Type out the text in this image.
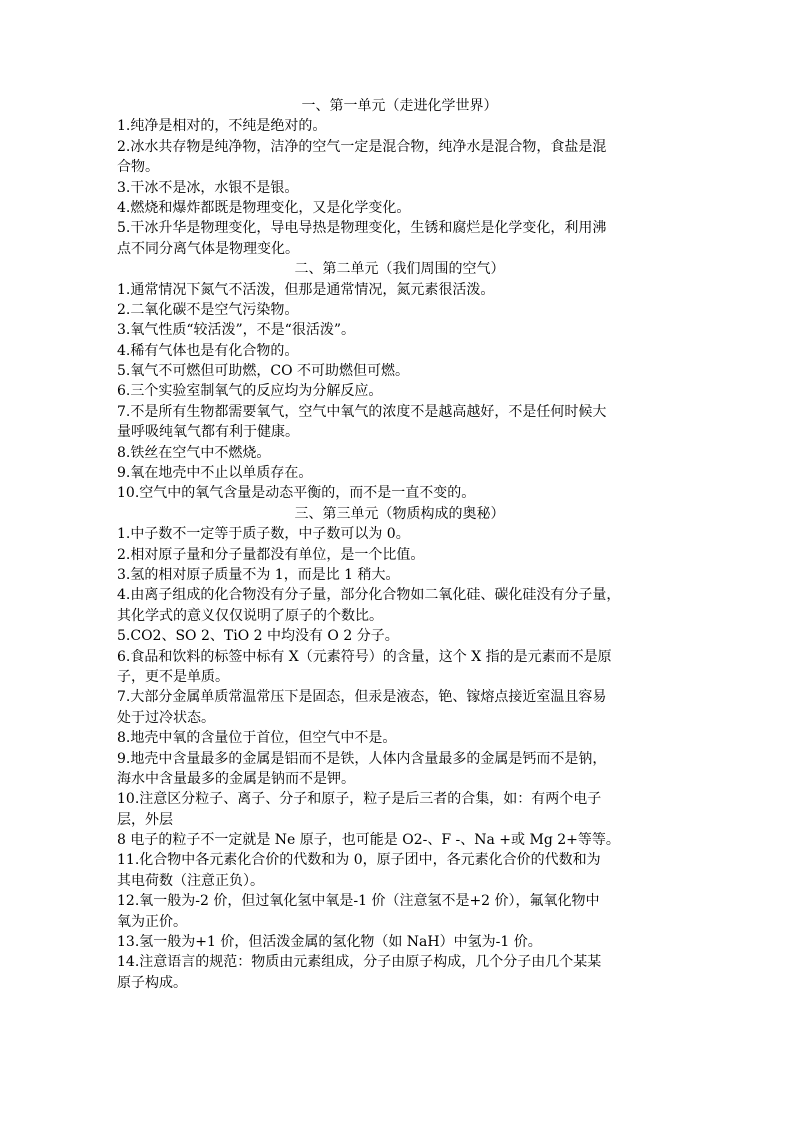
一、第一单元（走进化学世界）
1.纯净是相对的，不纯是绝对的。
2.冰水共存物是纯净物，洁净的空气一定是混合物，纯净水是混合物，食盐是混
合物。
3.干冰不是冰，水银不是银。
4.燃烧和爆炸都既是物理变化，又是化学变化。
5.干冰升华是物理变化，导电导热是物理变化，生锈和腐烂是化学变化，利用沸
点不同分离气体是物理变化。
二、第二单元（我们周围的空气）
1.通常情况下氮气不活泼，但那是通常情况，氮元素很活泼。
2.二氧化碳不是空气污染物。
3.氧气性质“较活泼”，不是“很活泼”。
4.稀有气体也是有化合物的。
5.氧气不可燃但可助燃，CO 不可助燃但可燃。
6.三个实验室制氧气的反应均为分解反应。
7.不是所有生物都需要氧气，空气中氧气的浓度不是越高越好，不是任何时候大
量呼吸纯氧气都有利于健康。
8.铁丝在空气中不燃烧。
9.氧在地壳中不止以单质存在。
10.空气中的氧气含量是动态平衡的，而不是一直不变的。
三、第三单元（物质构成的奥秘）
1.中子数不一定等于质子数，中子数可以为 0。
2.相对原子量和分子量都没有单位，是一个比值。
3.氢的相对原子质量不为 1，而是比 1 稍大。
4.由离子组成的化合物没有分子量，部分化合物如二氧化硅、碳化硅没有分子量，
其化学式的意义仅仅说明了原子的个数比。
5.CO2、SO 2、TiO 2 中均没有 O 2 分子。
6.食品和饮料的标签中标有 X（元素符号）的含量，这个 X 指的是元素而不是原
子，更不是单质。
7.大部分金属单质常温常压下是固态，但汞是液态，铯、镓熔点接近室温且容易
处于过冷状态。
8.地壳中氧的含量位于首位，但空气中不是。
9.地壳中含量最多的金属是铝而不是铁，人体内含量最多的金属是钙而不是钠，
海水中含量最多的金属是钠而不是钾。
10.注意区分粒子、离子、分子和原子，粒子是后三者的合集，如：有两个电子
层，外层
8 电子的粒子不一定就是 Ne 原子，也可能是 O2-、F -、Na +或 Mg 2+等等。
11.化合物中各元素化合价的代数和为 0，原子团中，各元素化合价的代数和为
其电荷数（注意正负）。
12.氧一般为-2 价，但过氧化氢中氧是-1 价（注意氢不是+2 价），氟氧化物中
氧为正价。
13.氢一般为+1 价，但活泼金属的氢化物（如 NaH）中氢为-1 价。
14.注意语言的规范：物质由元素组成，分子由原子构成，几个分子由几个某某
原子构成。
